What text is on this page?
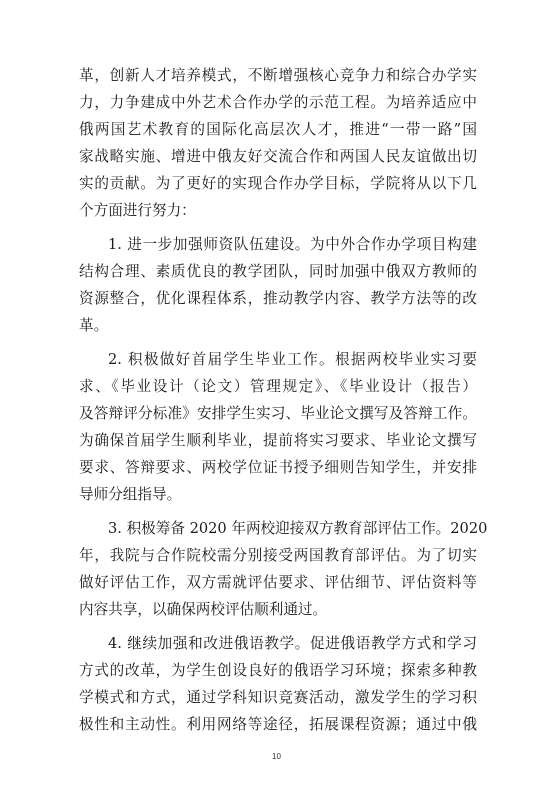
革，创新人才培养模式，不断增强核心竞争力和综合办学实
力，力争建成中外艺术合作办学的示范工程。为培养适应中
俄两国艺术教育的国际化高层次人才，推进“一带一路”国
家战略实施、增进中俄友好交流合作和两国人民友谊做出切
实的贡献。为了更好的实现合作办学目标，学院将从以下几
个方面进行努力：
1. 进一步加强师资队伍建设。为中外合作办学项目构建
结构合理、素质优良的教学团队，同时加强中俄双方教师的
资源整合，优化课程体系，推动教学内容、教学方法等的改
革。
2. 积极做好首届学生毕业工作。根据两校毕业实习要
求、《毕业设计（论文）管理规定》、《毕业设计（报告）
及答辩评分标准》安排学生实习、毕业论文撰写及答辩工作。
为确保首届学生顺利毕业，提前将实习要求、毕业论文撰写
要求、答辩要求、两校学位证书授予细则告知学生，并安排
导师分组指导。
3. 积极筹备 2020 年两校迎接双方教育部评估工作。2020
年，我院与合作院校需分别接受两国教育部评估。为了切实
做好评估工作，双方需就评估要求、评估细节、评估资料等
内容共享，以确保两校评估顺利通过。
4. 继续加强和改进俄语教学。促进俄语教学方式和学习
方式的改革，为学生创设良好的俄语学习环境；探索多种教
学模式和方式，通过学科知识竞赛活动，激发学生的学习积
极性和主动性。利用网络等途径，拓展课程资源；通过中俄
10
